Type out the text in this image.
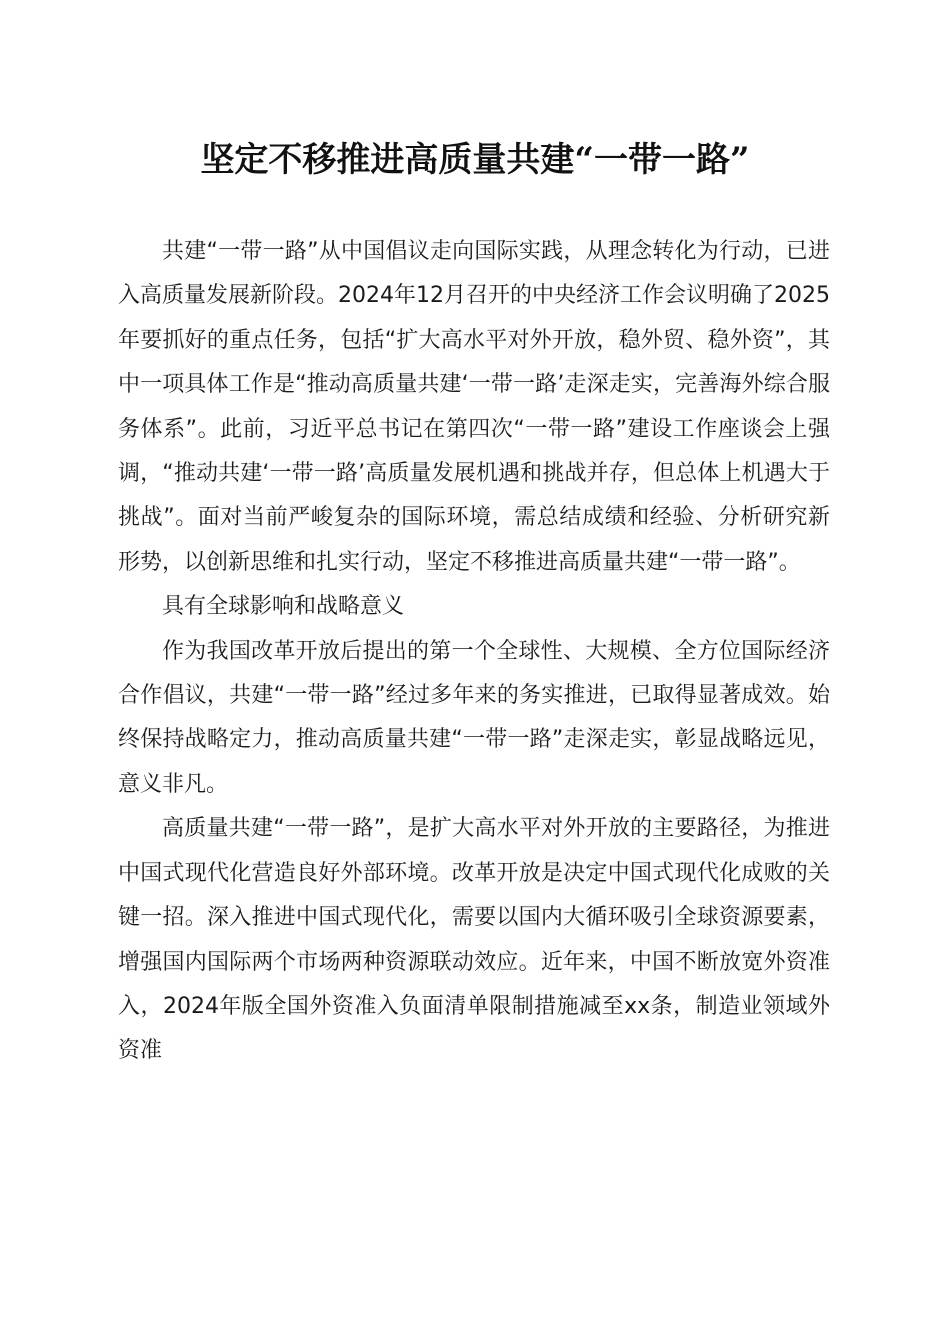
坚定不移推进高质量共建“一带一路”

共建“一带一路”从中国倡议走向国际实践，从理念转化为行动，已进入高质量发展新阶段。2024年12月召开的中央经济工作会议明确了2025年要抓好的重点任务，包括“扩大高水平对外开放，稳外贸、稳外资”，其中一项具体工作是“推动高质量共建‘一带一路’走深走实，完善海外综合服务体系”。此前，习近平总书记在第四次“一带一路”建设工作座谈会上强调，“推动共建‘一带一路’高质量发展机遇和挑战并存，但总体上机遇大于挑战”。面对当前严峻复杂的国际环境，需总结成绩和经验、分析研究新形势，以创新思维和扎实行动，坚定不移推进高质量共建“一带一路”。

具有全球影响和战略意义

作为我国改革开放后提出的第一个全球性、大规模、全方位国际经济合作倡议，共建“一带一路”经过多年来的务实推进，已取得显著成效。始终保持战略定力，推动高质量共建“一带一路”走深走实，彰显战略远见，意义非凡。

高质量共建“一带一路”，是扩大高水平对外开放的主要路径，为推进中国式现代化营造良好外部环境。改革开放是决定中国式现代化成败的关键一招。深入推进中国式现代化，需要以国内大循环吸引全球资源要素，增强国内国际两个市场两种资源联动效应。近年来，中国不断放宽外资准入，2024年版全国外资准入负面清单限制措施减至xx条，制造业领域外资准
